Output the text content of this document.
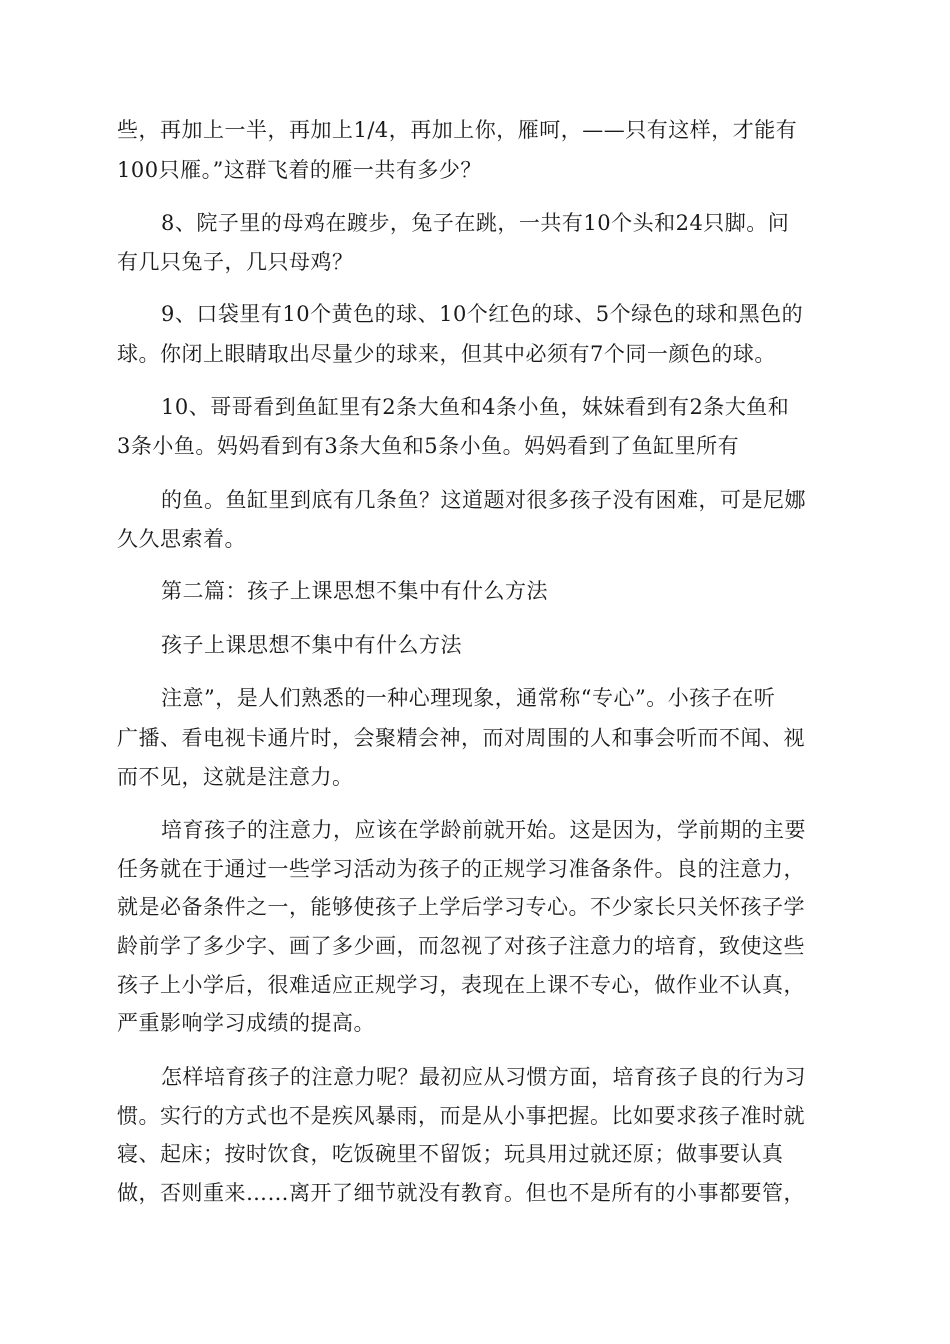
些，再加上一半，再加上1/4，再加上你，雁呵，——只有这样，才能有
100只雁。”这群飞着的雁一共有多少？
8、院子里的母鸡在踱步，兔子在跳，一共有10个头和24只脚。问
有几只兔子，几只母鸡？
9、口袋里有10个黄色的球、10个红色的球、5个绿色的球和黑色的
球。你闭上眼睛取出尽量少的球来，但其中必须有7个同一颜色的球。
10、哥哥看到鱼缸里有2条大鱼和4条小鱼，妹妹看到有2条大鱼和
3条小鱼。妈妈看到有3条大鱼和5条小鱼。妈妈看到了鱼缸里所有
的鱼。鱼缸里到底有几条鱼？这道题对很多孩子没有困难，可是尼娜
久久思索着。
第二篇：孩子上课思想不集中有什么方法
孩子上课思想不集中有什么方法
注意”，是人们熟悉的一种心理现象，通常称“专心”。小孩子在听
广播、看电视卡通片时，会聚精会神，而对周围的人和事会听而不闻、视
而不见，这就是注意力。
培育孩子的注意力，应该在学龄前就开始。这是因为，学前期的主要
任务就在于通过一些学习活动为孩子的正规学习准备条件。良的注意力，
就是必备条件之一，能够使孩子上学后学习专心。不少家长只关怀孩子学
龄前学了多少字、画了多少画，而忽视了对孩子注意力的培育，致使这些
孩子上小学后，很难适应正规学习，表现在上课不专心，做作业不认真，
严重影响学习成绩的提高。
怎样培育孩子的注意力呢？最初应从习惯方面，培育孩子良的行为习
惯。实行的方式也不是疾风暴雨，而是从小事把握。比如要求孩子准时就
寝、起床；按时饮食，吃饭碗里不留饭；玩具用过就还原；做事要认真
做，否则重来……离开了细节就没有教育。但也不是所有的小事都要管，
